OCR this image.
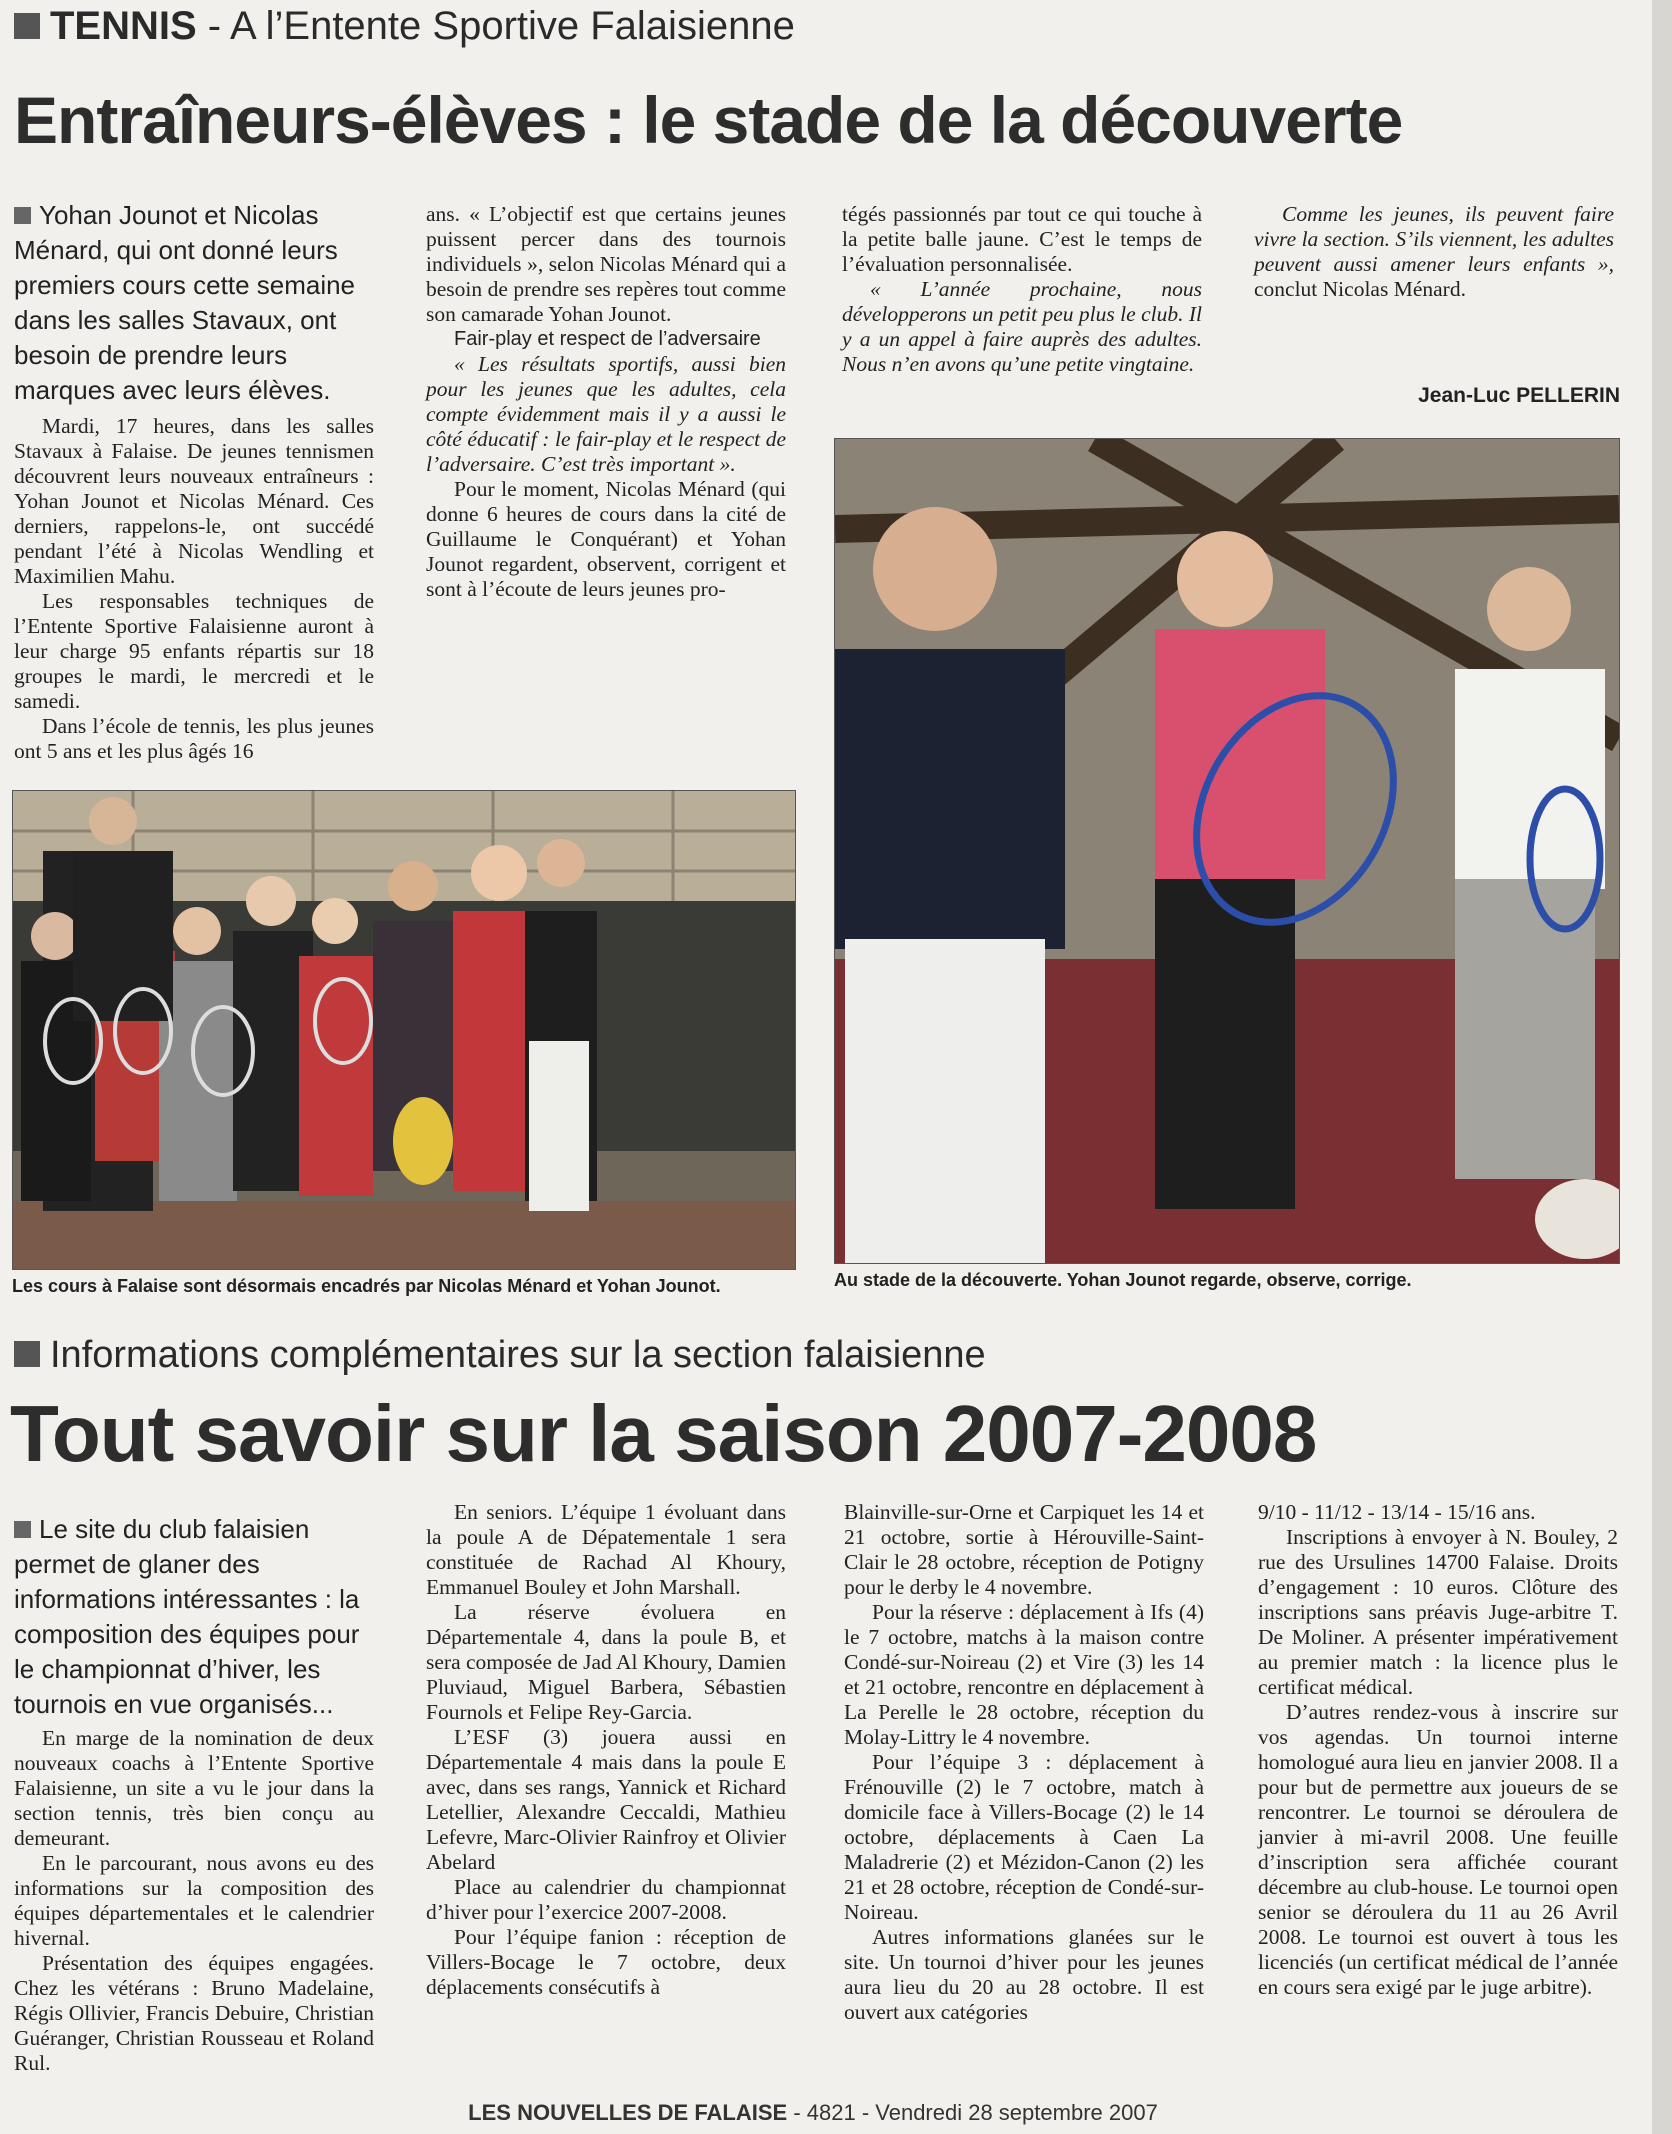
TENNIS - A l’Entente Sportive Falaisienne
Entraîneurs-élèves : le stade de la découverte
Yohan Jounot et Nicolas Ménard, qui ont donné leurs premiers cours cette semaine dans les salles Stavaux, ont besoin de prendre leurs marques avec leurs élèves.

Mardi, 17 heures, dans les salles Stavaux à Falaise. De jeunes tennismen découvrent leurs nouveaux entraîneurs : Yohan Jounot et Nicolas Ménard. Ces derniers, rappelons-le, ont succédé pendant l’été à Nicolas Wendling et Maximilien Mahu.

Les responsables techniques de l’Entente Sportive Falaisienne auront à leur charge 95 enfants répartis sur 18 groupes le mardi, le mercredi et le samedi.

Dans l’école de tennis, les plus jeunes ont 5 ans et les plus âgés 16

ans. « L’objectif est que certains jeunes puissent percer dans des tournois individuels », selon Nicolas Ménard qui a besoin de prendre ses repères tout comme son camarade Yohan Jounot.

Fair-play et respect de l’adversaire

« Les résultats sportifs, aussi bien pour les jeunes que les adultes, cela compte évidemment mais il y a aussi le côté éducatif : le fair-play et le respect de l’adversaire. C’est très important ».

Pour le moment, Nicolas Ménard (qui donne 6 heures de cours dans la cité de Guillaume le Conquérant) et Yohan Jounot regardent, observent, corrigent et sont à l’écoute de leurs jeunes pro-

tégés passionnés par tout ce qui touche à la petite balle jaune. C’est le temps de l’évaluation personnalisée.

« L’année prochaine, nous développerons un petit peu plus le club. Il y a un appel à faire auprès des adultes. Nous n’en avons qu’une petite vingtaine.

Comme les jeunes, ils peuvent faire vivre la section. S’ils viennent, les adultes peuvent aussi amener leurs enfants », conclut Nicolas Ménard.

Jean-Luc PELLERIN
Les cours à Falaise sont désormais encadrés par Nicolas Ménard et Yohan Jounot.	Au stade de la découverte. Yohan Jounot regarde, observe, corrige.
Informations complémentaires sur la section falaisienne
Tout savoir sur la saison 2007-2008
Le site du club falaisien permet de glaner des informations intéressantes : la composition des équipes pour le championnat d’hiver, les tournois en vue organisés...

En marge de la nomination de deux nouveaux coachs à l’Entente Sportive Falaisienne, un site a vu le jour dans la section tennis, très bien conçu au demeurant.

En le parcourant, nous avons eu des informations sur la composition des équipes départementales et le calendrier hivernal.

Présentation des équipes engagées. Chez les vétérans : Bruno Madelaine, Régis Ollivier, Francis Debuire, Christian Guéranger, Christian Rousseau et Roland Rul.

En seniors. L’équipe 1 évoluant dans la poule A de Dépatementale 1 sera constituée de Rachad Al Khoury, Emmanuel Bouley et John Marshall.

La réserve évoluera en Départementale 4, dans la poule B, et sera composée de Jad Al Khoury, Damien Pluviaud, Miguel Barbera, Sébastien Fournols et Felipe Rey-Garcia.

L’ESF (3) jouera aussi en Départementale 4 mais dans la poule E avec, dans ses rangs, Yannick et Richard Letellier, Alexandre Ceccaldi, Mathieu Lefevre, Marc-Olivier Rainfroy et Olivier Abelard

Place au calendrier du championnat d’hiver pour l’exercice 2007-2008.

Pour l’équipe fanion : réception de Villers-Bocage le 7 octobre, deux déplacements consécutifs à

Blainville-sur-Orne et Carpiquet les 14 et 21 octobre, sortie à Hérouville-Saint-Clair le 28 octobre, réception de Potigny pour le derby le 4 novembre.

Pour la réserve : déplacement à Ifs (4) le 7 octobre, matchs à la maison contre Condé-sur-Noireau (2) et Vire (3) les 14 et 21 octobre, rencontre en déplacement à La Perelle le 28 octobre, réception du Molay-Littry le 4 novembre.

Pour l’équipe 3 : déplacement à Frénouville (2) le 7 octobre, match à domicile face à Villers-Bocage (2) le 14 octobre, déplacements à Caen La Maladrerie (2) et Mézidon-Canon (2) les 21 et 28 octobre, réception de Condé-sur-Noireau.

Autres informations glanées sur le site. Un tournoi d’hiver pour les jeunes aura lieu du 20 au 28 octobre. Il est ouvert aux catégories

9/10 - 11/12 - 13/14 - 15/16 ans.

Inscriptions à envoyer à N. Bouley, 2 rue des Ursulines 14700 Falaise. Droits d’engagement : 10 euros. Clôture des inscriptions sans préavis Juge-arbitre T. De Moliner. A présenter impérativement au premier match : la licence plus le certificat médical.

D’autres rendez-vous à inscrire sur vos agendas. Un tournoi interne homologué aura lieu en janvier 2008. Il a pour but de permettre aux joueurs de se rencontrer. Le tournoi se déroulera de janvier à mi-avril 2008. Une feuille d’inscription sera affichée courant décembre au club-house. Le tournoi open senior se déroulera du 11 au 26 Avril 2008. Le tournoi est ouvert à tous les licenciés (un certificat médical de l’année en cours sera exigé par le juge arbitre).

LES NOUVELLES DE FALAISE - 4821 - Vendredi 28 septembre 2007
